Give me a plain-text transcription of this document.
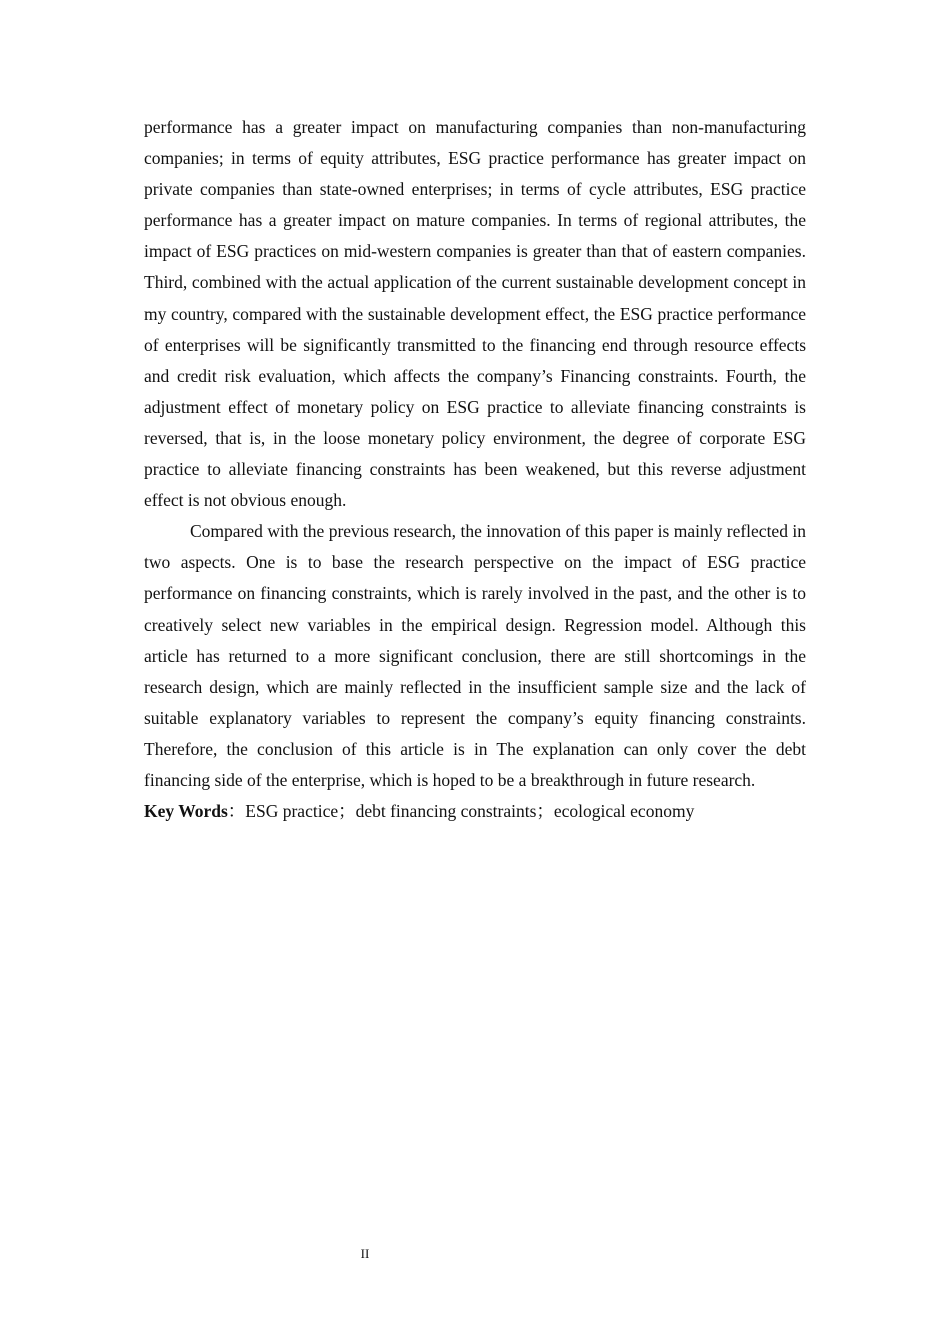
performance has a greater impact on manufacturing companies than non-manufacturing companies; in terms of equity attributes, ESG practice performance has greater impact on private companies than state-owned enterprises; in terms of cycle attributes, ESG practice performance has a greater impact on mature companies. In terms of regional attributes, the impact of ESG practices on mid-western companies is greater than that of eastern companies. Third, combined with the actual application of the current sustainable development concept in my country, compared with the sustainable development effect, the ESG practice performance of enterprises will be significantly transmitted to the financing end through resource effects and credit risk evaluation, which affects the company’s Financing constraints. Fourth, the adjustment effect of monetary policy on ESG practice to alleviate financing constraints is reversed, that is, in the loose monetary policy environment, the degree of corporate ESG practice to alleviate financing constraints has been weakened, but this reverse adjustment effect is not obvious enough.

Compared with the previous research, the innovation of this paper is mainly reflected in two aspects. One is to base the research perspective on the impact of ESG practice performance on financing constraints, which is rarely involved in the past, and the other is to creatively select new variables in the empirical design. Regression model. Although this article has returned to a more significant conclusion, there are still shortcomings in the research design, which are mainly reflected in the insufficient sample size and the lack of suitable explanatory variables to represent the company’s equity financing constraints. Therefore, the conclusion of this article is in The explanation can only cover the debt financing side of the enterprise, which is hoped to be a breakthrough in future research.

Key Words：ESG practice；debt financing constraints；ecological economy

II
